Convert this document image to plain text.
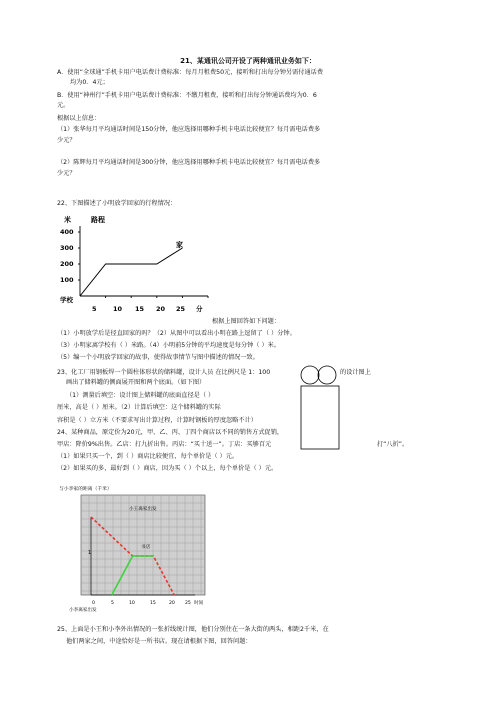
21、某通讯公司开设了两种通讯业务如下：
A．使用“全球通”手机卡用户电话费计费标准：每月月租费50元，接听和打出每分钟另需付通话费
均为0．4元；
B．使用“神州行”手机卡用户电话费计费标准：不缴月租费，接听和打出每分钟通话费均为0．6
元。
根据以上信息：
（1）张华每月平均通话时间是150分钟，他应选择用哪种手机卡电话比较便宜？每月需电话费多
少元？
（2）陈辉每月平均通话时间是300分钟，他应选择用哪种手机卡电话比较便宜？每月需电话费多
少元？
22、下图描述了小明放学回家的行程情况：
米	路程
400
300
200
100
学校
5	10 15 20 25 分
家
根据上图回答如下问题：
（1）小明放学后是径直回家的吗？（2）从图中可以看出小明在路上逗留了（ ）分钟。
（3）小明家离学校有（ ）米路。（4）小明前5分钟的平均速度是每分钟（ ）米。
（5）编一个小明放学回家的故事，使得故事情节与图中描述的情况一致。
23、化工厂用钢板焊一个圆柱体形状的储料罐，设计人员 在比例尺是 1：100	的设计图上
画出了储料罐的侧面展开图和两个底面。（如下图）
（1）测量后填空：设计图上储料罐的底面直径是（ ）
厘米，高是（ ）厘米。（2）计算后填空：这个储料罐的实际
容积是（ ）立方米（不要求写出计算过程，计算时钢板的厚度忽略不计）
24、某种商品，原定价为20元，甲、乙、丙、丁四个商店以不同的销售方式促销，
甲店：降价9%出售。乙店：打九折出售。丙店：“买十送一”。丁店：买够百元	打“八折”。
（1）如果只买一个，到（ ）商店比较便宜，每个单价是（ ）元。
（2）如果买的多，最好到（ ）商店，因为买（ ）个以上，每个单价是（ ）元。
与小李家的距离（千米）
小王离家出发
书店
1
0	5	10	15	20 25 时间
小李离家出发
25、上面是小王和小李外出情况的一张折线统计图，他们分别住在一条大街的两头，相距2千米，在
他们两家之间，中途恰好是一所书店。现在请根据下图，回答问题：
